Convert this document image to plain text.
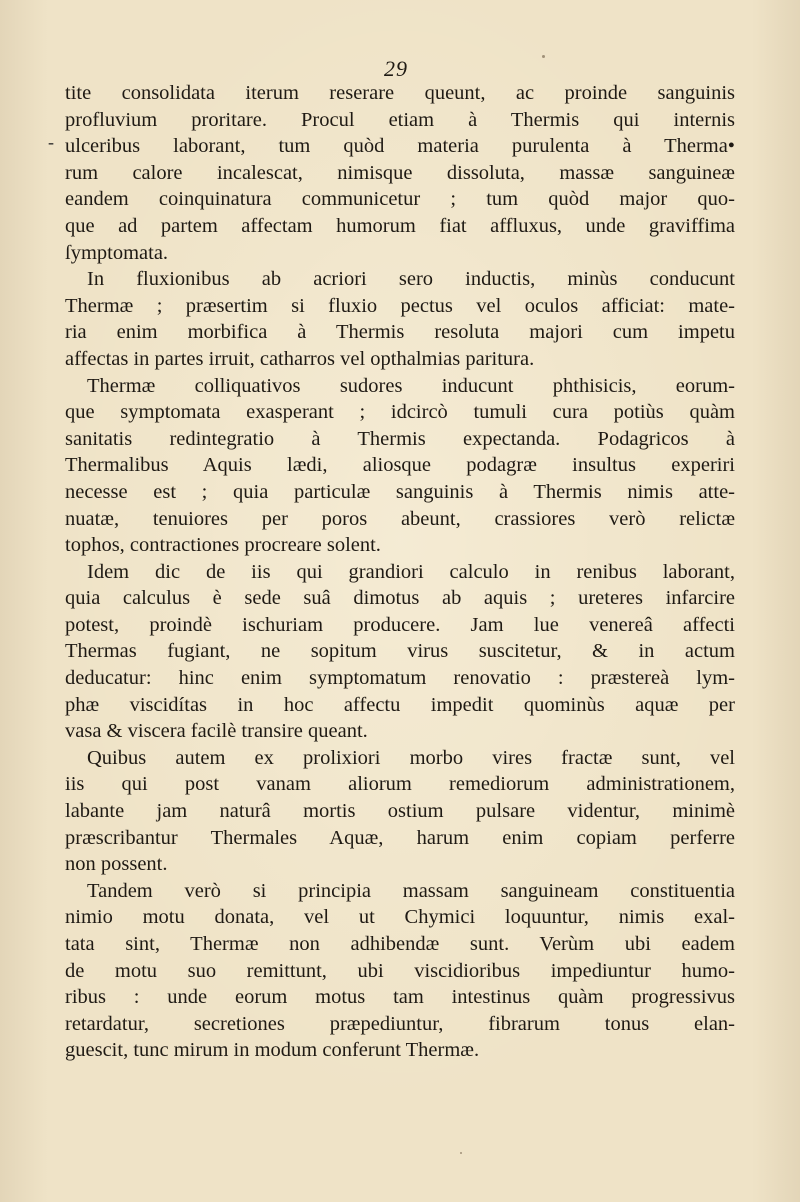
29
-
tite consolidata iterum reserare queunt, ac proinde sanguinis
profluvium proritare. Procul etiam à Thermis qui internis
ulceribus laborant, tum quòd materia purulenta à Therma•
rum calore incalescat, nimisque dissoluta, massæ sanguineæ
eandem coinquinatura communicetur ; tum quòd major quo-
que ad partem affectam humorum fiat affluxus, unde graviffima
ſymptomata.
In fluxionibus ab acriori sero inductis, minùs conducunt
Thermæ ; præsertim si fluxio pectus vel oculos afficiat: mate-
ria enim morbifica à Thermis resoluta majori cum impetu
affectas in partes irruit, catharros vel opthalmias paritura.
Thermæ colliquativos sudores inducunt phthisicis, eorum-
que symptomata exasperant ; idcircò tumuli cura potiùs quàm
sanitatis redintegratio à Thermis expectanda. Podagricos à
Thermalibus Aquis lædi, aliosque podagræ insultus experiri
necesse est ; quia particulæ sanguinis à Thermis nimis atte-
nuatæ, tenuiores per poros abeunt, crassiores verò relictæ
tophos, contractiones procreare solent.
Idem dic de iis qui grandiori calculo in renibus laborant,
quia calculus è sede suâ dimotus ab aquis ; ureteres infarcire
potest, proindè ischuriam producere. Jam lue venereâ affecti
Thermas fugiant, ne sopitum virus suscitetur, & in actum
deducatur: hinc enim symptomatum renovatio : præstereà lym-
phæ viscidítas in hoc affectu impedit quominùs aquæ per
vasa & viscera facilè transire queant.
Quibus autem ex prolixiori morbo vires fractæ sunt, vel
iis qui post vanam aliorum remediorum administrationem,
labante jam naturâ mortis ostium pulsare videntur, minimè
præscribantur Thermales Aquæ, harum enim copiam perferre
non possent.
Tandem verò si principia massam sanguineam constituentia
nimio motu donata, vel ut Chymici loquuntur, nimis exal-
tata sint, Thermæ non adhibendæ sunt. Verùm ubi eadem
de motu suo remittunt, ubi viscidioribus impediuntur humo-
ribus : unde eorum motus tam intestinus quàm progressivus
retardatur, secretiones præpediuntur, fibrarum tonus elan-
guescit, tunc mirum in modum conferunt Thermæ.
